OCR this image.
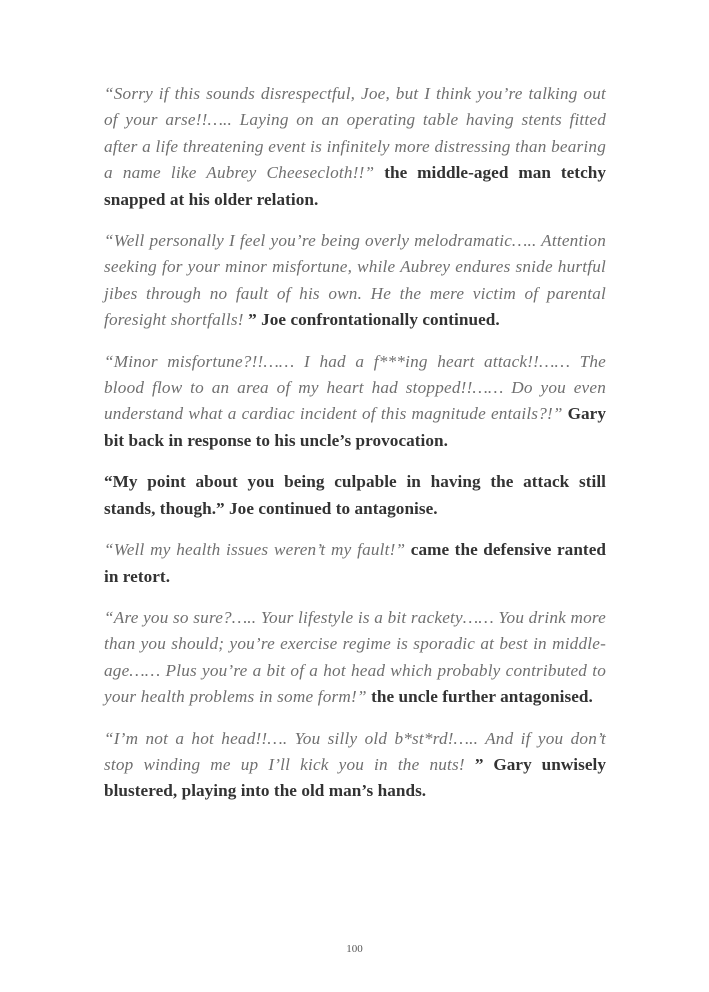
“Sorry if this sounds disrespectful, Joe, but I think you’re talking out of your arse!!….. Laying on an operating table having stents fitted after a life threatening event is infinitely more distressing than bearing a name like Aubrey Cheesecloth!!” the middle-aged man tetchy snapped at his older relation.

“Well personally I feel you’re being overly melodramatic….. Attention seeking for your minor misfortune, while Aubrey endures snide hurtful jibes through no fault of his own. He the mere victim of parental foresight shortfalls! ” Joe confrontationally continued.

“Minor misfortune?!!…… I had a f***ing heart attack!!…… The blood flow to an area of my heart had stopped!!…… Do you even understand what a cardiac incident of this magnitude entails?!” Gary bit back in response to his uncle’s provocation.

“My point about you being culpable in having the attack still stands, though.” Joe continued to antagonise.

“Well my health issues weren’t my fault!” came the defensive ranted in retort.

“Are you so sure?….. Your lifestyle is a bit rackety…… You drink more than you should; you’re exercise regime is sporadic at best in middle-age…… Plus you’re a bit of a hot head which probably contributed to your health problems in some form!” the uncle further antagonised.

“I’m not a hot head!!…. You silly old b*st*rd!….. And if you don’t stop winding me up I’ll kick you in the nuts! ” Gary unwisely blustered, playing into the old man’s hands.

100
